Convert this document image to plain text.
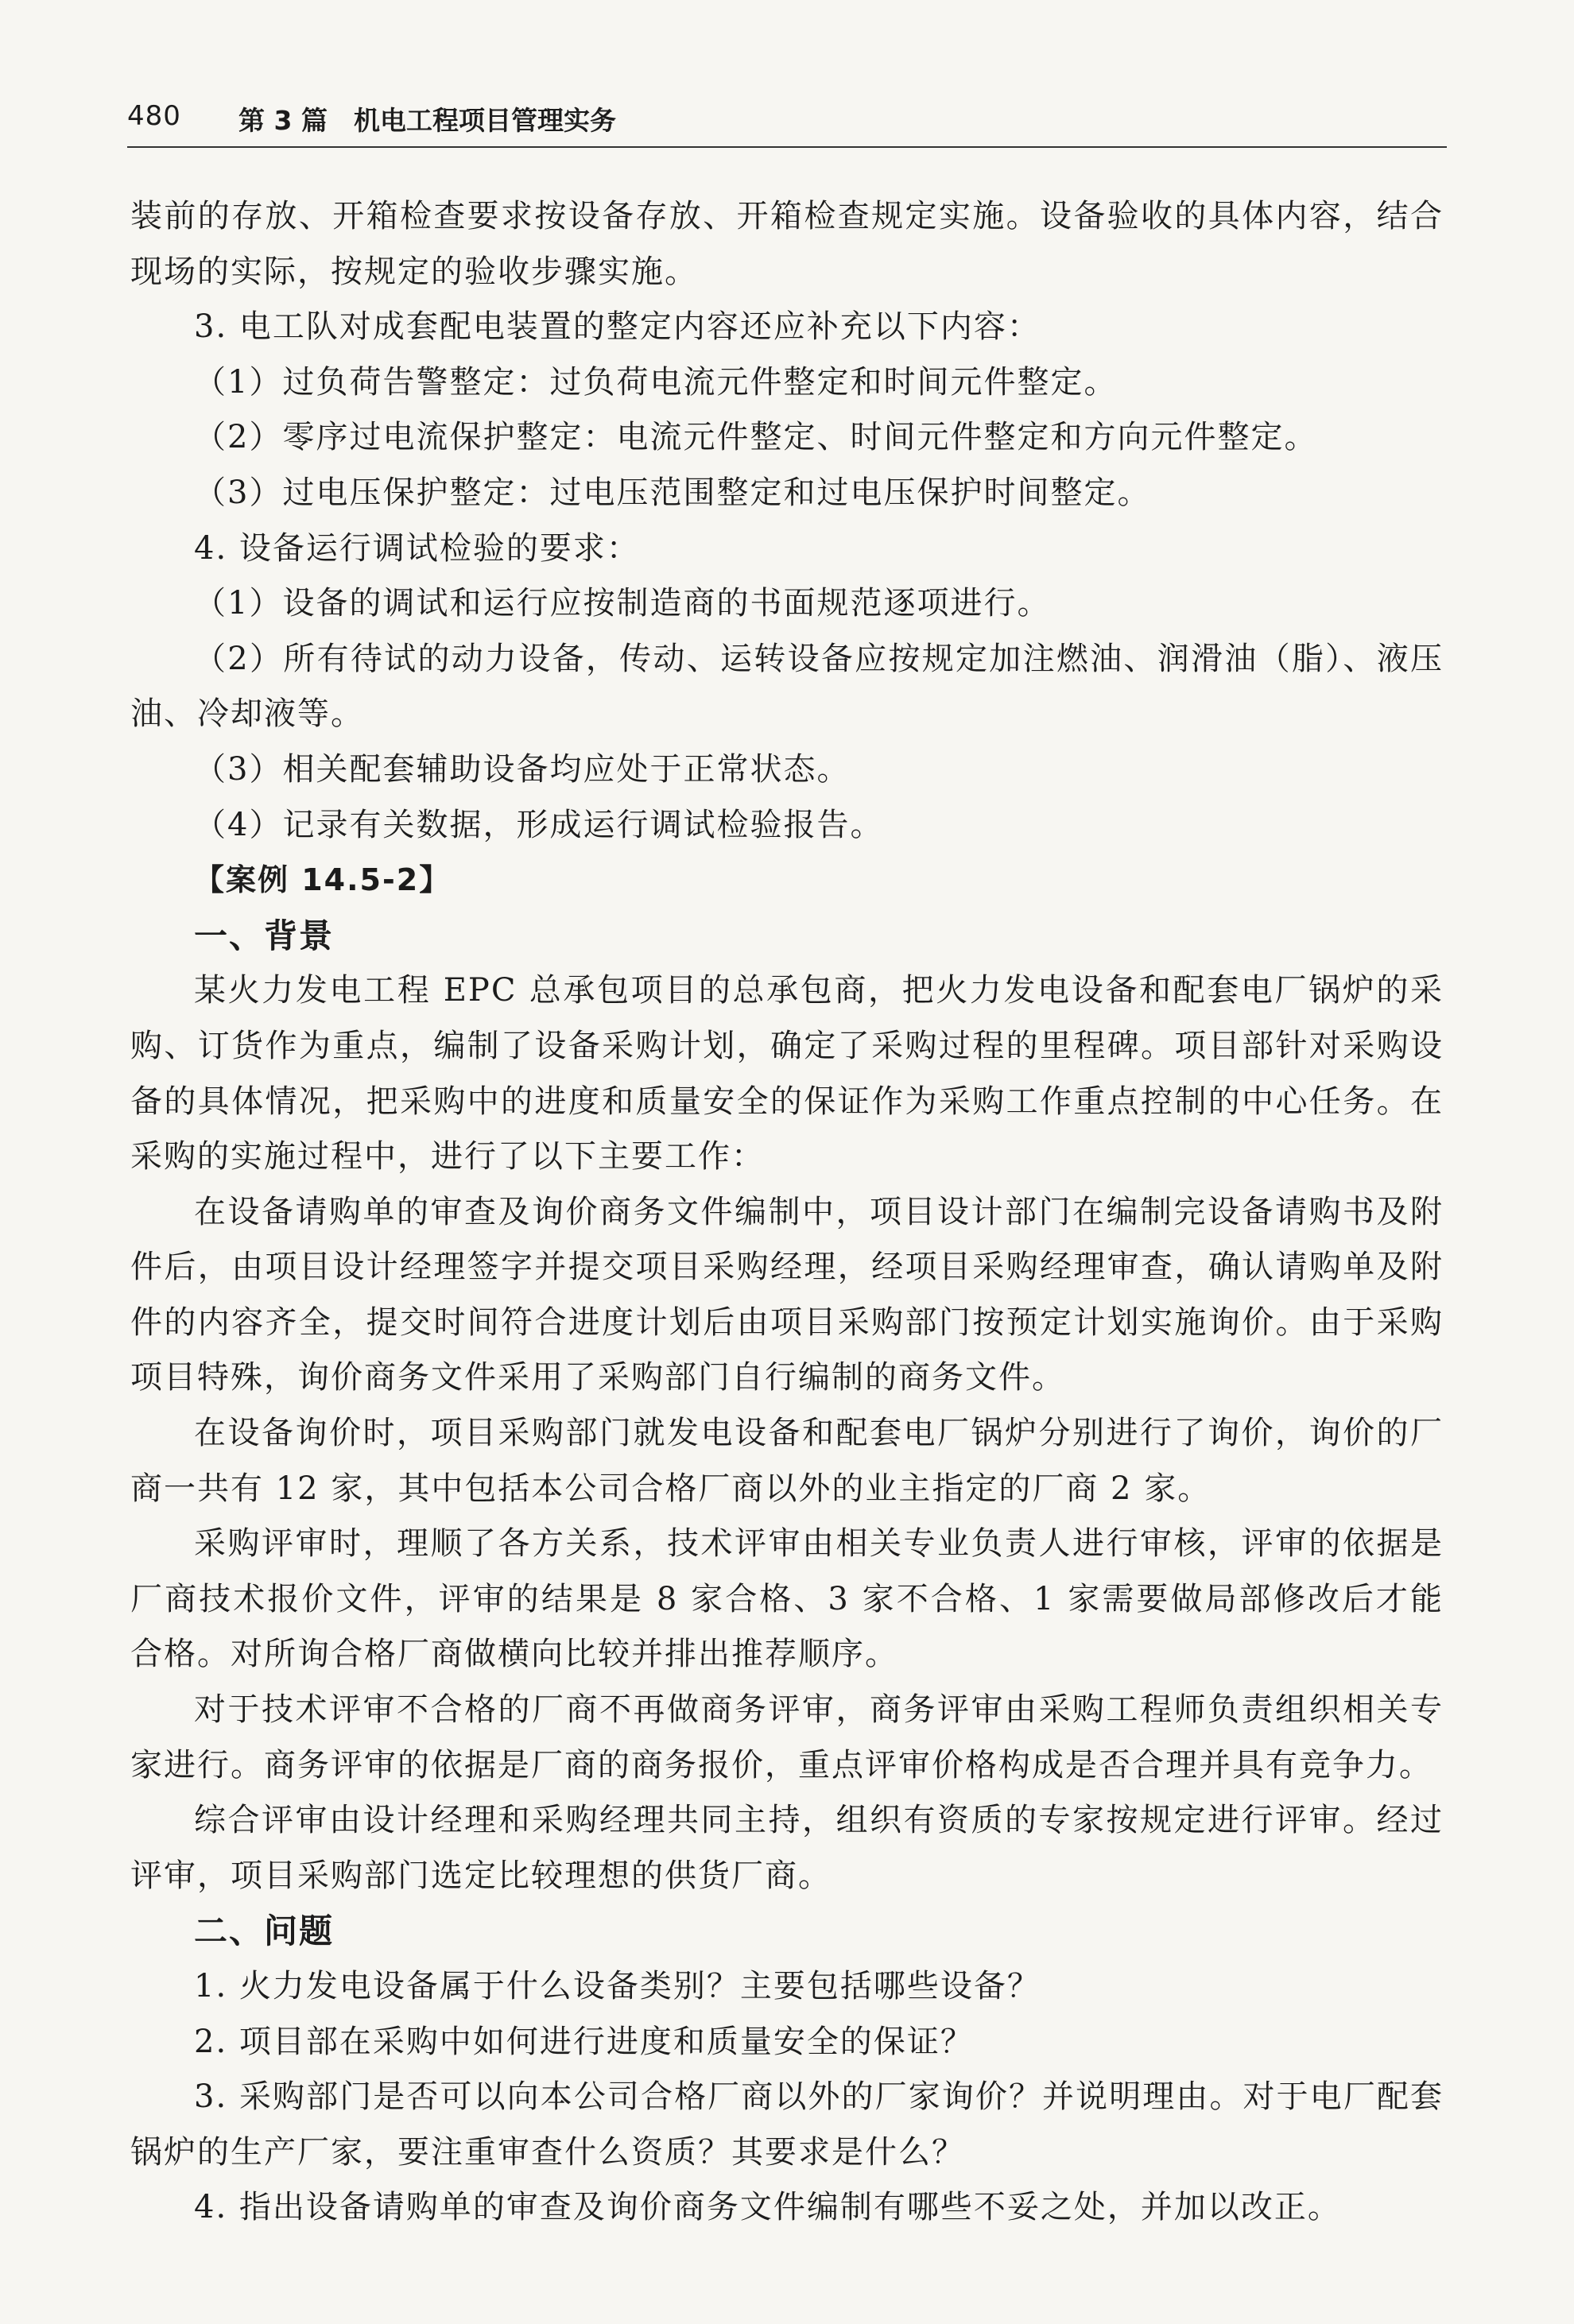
480 第 3 篇　机电工程项目管理实务

装前的存放、开箱检查要求按设备存放、开箱检查规定实施。设备验收的具体内容，结合现场的实际，按规定的验收步骤实施。

3. 电工队对成套配电装置的整定内容还应补充以下内容：

（1）过负荷告警整定：过负荷电流元件整定和时间元件整定。

（2）零序过电流保护整定：电流元件整定、时间元件整定和方向元件整定。

（3）过电压保护整定：过电压范围整定和过电压保护时间整定。

4. 设备运行调试检验的要求：

（1）设备的调试和运行应按制造商的书面规范逐项进行。

（2）所有待试的动力设备，传动、运转设备应按规定加注燃油、润滑油（脂）、液压油、冷却液等。

（3）相关配套辅助设备均应处于正常状态。

（4）记录有关数据，形成运行调试检验报告。

【案例 14.5-2】

一、背景

某火力发电工程 EPC 总承包项目的总承包商，把火力发电设备和配套电厂锅炉的采购、订货作为重点，编制了设备采购计划，确定了采购过程的里程碑。项目部针对采购设备的具体情况，把采购中的进度和质量安全的保证作为采购工作重点控制的中心任务。在采购的实施过程中，进行了以下主要工作：

在设备请购单的审查及询价商务文件编制中，项目设计部门在编制完设备请购书及附件后，由项目设计经理签字并提交项目采购经理，经项目采购经理审查，确认请购单及附件的内容齐全，提交时间符合进度计划后由项目采购部门按预定计划实施询价。由于采购项目特殊，询价商务文件采用了采购部门自行编制的商务文件。

在设备询价时，项目采购部门就发电设备和配套电厂锅炉分别进行了询价，询价的厂商一共有 12 家，其中包括本公司合格厂商以外的业主指定的厂商 2 家。

采购评审时，理顺了各方关系，技术评审由相关专业负责人进行审核，评审的依据是厂商技术报价文件，评审的结果是 8 家合格、3 家不合格、1 家需要做局部修改后才能合格。对所询合格厂商做横向比较并排出推荐顺序。

对于技术评审不合格的厂商不再做商务评审，商务评审由采购工程师负责组织相关专家进行。商务评审的依据是厂商的商务报价，重点评审价格构成是否合理并具有竞争力。

综合评审由设计经理和采购经理共同主持，组织有资质的专家按规定进行评审。经过评审，项目采购部门选定比较理想的供货厂商。

二、问题

1. 火力发电设备属于什么设备类别？主要包括哪些设备？

2. 项目部在采购中如何进行进度和质量安全的保证？

3. 采购部门是否可以向本公司合格厂商以外的厂家询价？并说明理由。对于电厂配套锅炉的生产厂家，要注重审查什么资质？其要求是什么？

4. 指出设备请购单的审查及询价商务文件编制有哪些不妥之处，并加以改正。
